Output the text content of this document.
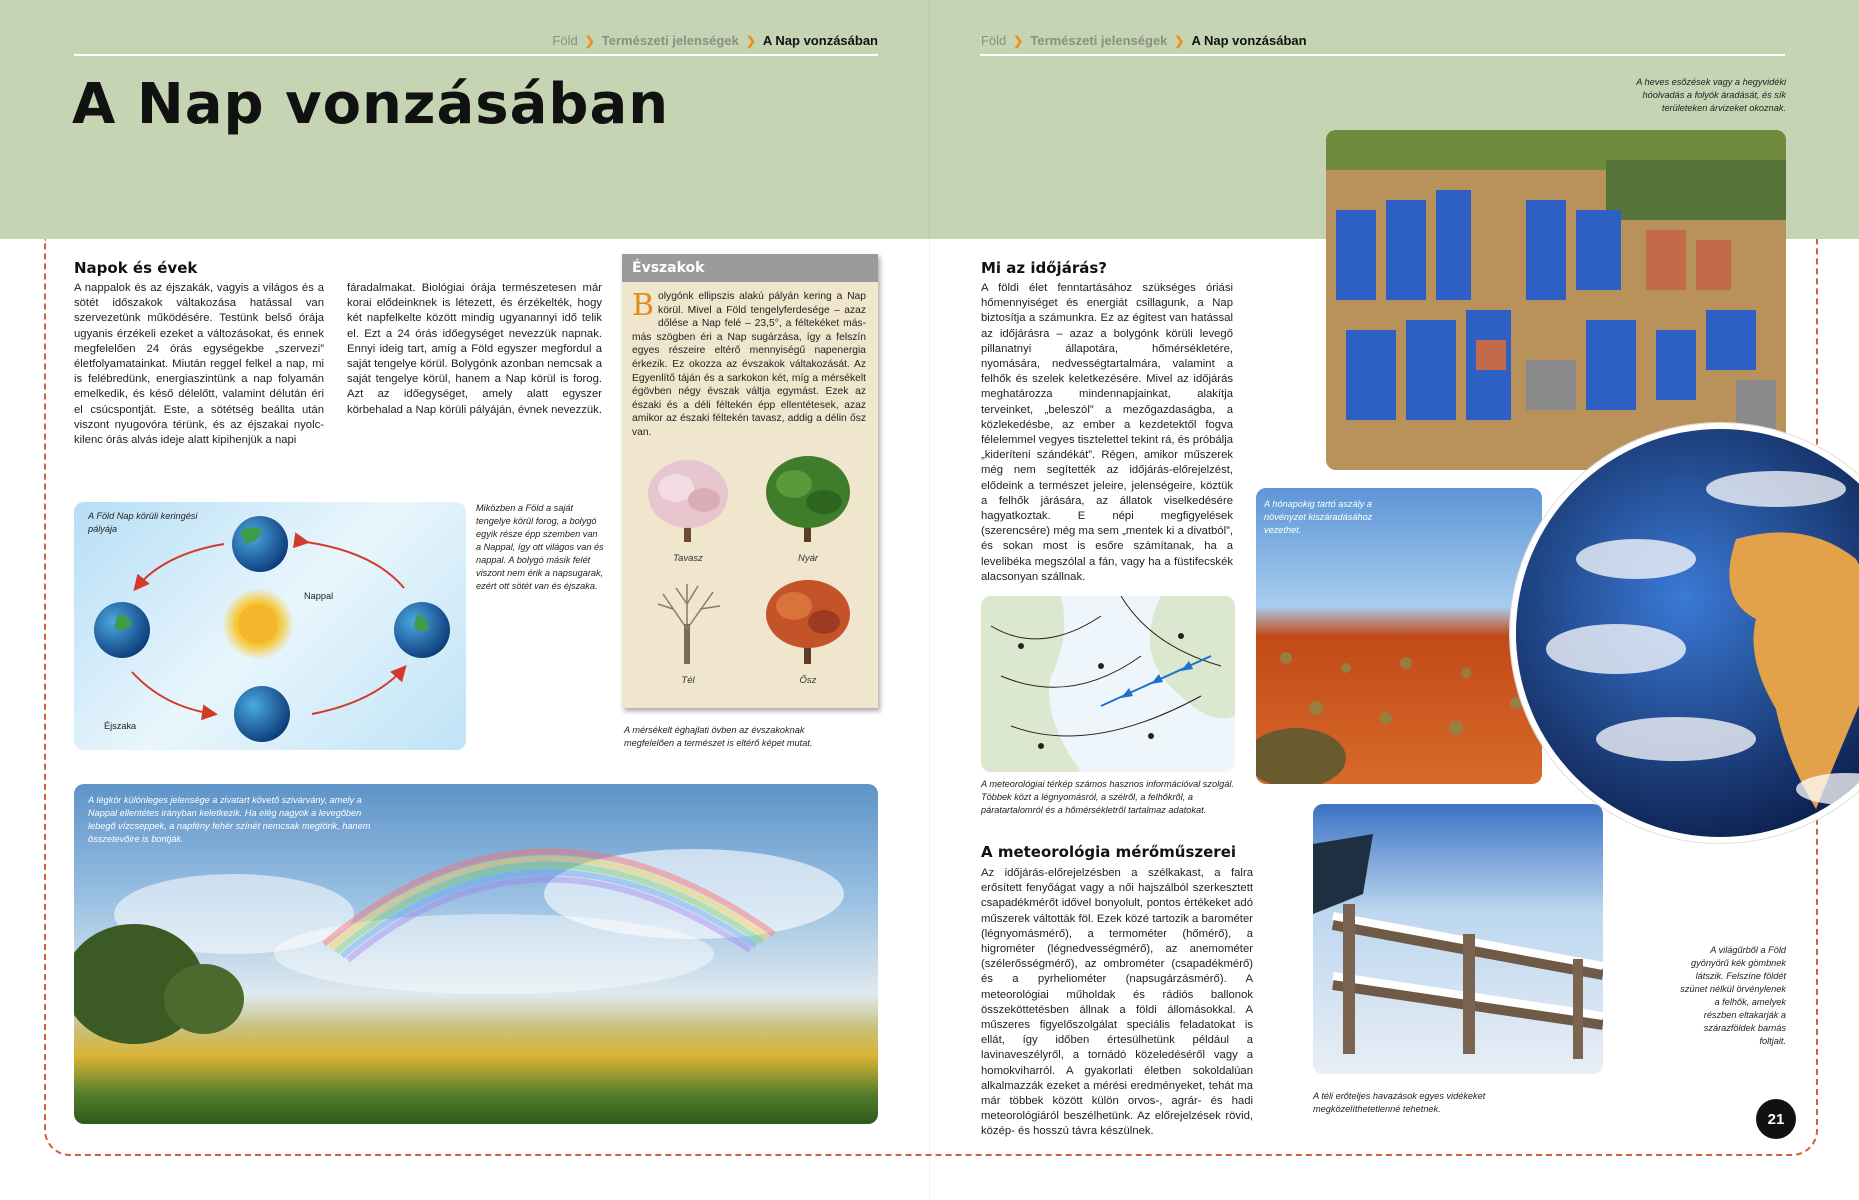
Föld ❯ Természeti jelenségek ❯ A Nap vonzásában
A Nap vonzásában
Föld ❯ Természeti jelenségek ❯ A Nap vonzásában
Napok és évek

A nappalok és az éjszakák, vagyis a világos és a sötét időszakok váltakozása hatással van szervezetünk működésére. Testünk belső órája ugyanis érzékeli ezeket a változásokat, és ennek megfelelően 24 órás egységekbe „szervezi” életfolyamatainkat. Miután reggel felkel a nap, mi is felébredünk, energiaszintünk a nap folyamán emelkedik, és késő délelőtt, valamint délután éri el csúcspontját. Este, a sötétség beállta után viszont nyugovóra térünk, és az éjszakai nyolc-kilenc órás alvás ideje alatt kipihenjük a napi

fáradalmakat. Biológiai órája természetesen már korai elődeinknek is létezett, és érzékelték, hogy két napfelkelte között mindig ugyanannyi idő telik el. Ezt a 24 órás időegységet nevezzük napnak. Ennyi ideig tart, amíg a Föld egyszer megfordul a saját tengelye körül. Bolygónk azonban nemcsak a saját tengelye körül, hanem a Nap körül is forog. Azt az időegységet, amely alatt egyszer körbehalad a Nap körüli pályáján, évnek nevezzük.

A Föld Nap körüli keringési pályája
Nappal
Éjszaka

Miközben a Föld a saját tengelye körül forog, a bolygó egyik része épp szemben van a Nappal, így ott világos van és nappal. A bolygó másik felét viszont nem érik a napsugarak, ezért ott sötét van és éjszaka.

Évszakok
Bolygónk ellipszis alakú pályán kering a Nap körül. Mivel a Föld tengelyferdesége – azaz dőlése a Nap felé – 23,5°, a féltekéket más-más szögben éri a Nap sugárzása, így a felszín egyes részeire eltérő mennyiségű napenergia érkezik. Ez okozza az évszakok váltakozását. Az Egyenlítő táján és a sarkokon két, míg a mérsékelt égövben négy évszak váltja egymást. Ezek az északi és a déli féltekén épp ellentétesek, azaz amikor az északi féltekén tavasz, addig a délin ősz van.
Tavasz	Nyár
Tél	Ősz

A mérsékelt éghajlati övben az évszakoknak megfelelően a természet is eltérő képet mutat.

A légkör különleges jelensége a zivatart követő szivárvány, amely a Nappal ellentétes irányban keletkezik. Ha elég nagyok a levegőben lebegő vízcseppek, a napfény fehér színét nemcsak megtörik, hanem összetevőire is bontják.

Mi az időjárás?

A földi élet fenntartásához szükséges óriási hőmennyiséget és energiát csillagunk, a Nap biztosítja a számunkra. Ez az égitest van hatással az időjárásra – azaz a bolygónk körüli levegő pillanatnyi állapotára, hőmérsékletére, nyomására, nedvességtartalmára, valamint a felhők és szelek keletkezésére. Mivel az időjárás meghatározza mindennapjainkat, alakítja terveinket, „beleszól” a mezőgazdaságba, a közlekedésbe, az ember a kezdetektől fogva félelemmel vegyes tisztelettel tekint rá, és próbálja „kideríteni szándékát”. Régen, amikor műszerek még nem segítették az időjárás-előrejelzést, elődeink a természet jeleire, jelenségeire, köztük a felhők járására, az állatok viselkedésére hagyatkoztak. E népi megfigyelések (szerencsére) még ma sem „mentek ki a divatból”, és sokan most is esőre számítanak, ha a levelibéka megszólal a fán, vagy ha a füstifecskék alacsonyan szállnak.

A heves esőzések vagy a hegyvidéki hóolvadás a folyók áradását, és sík területeken árvizeket okoznak.

A hónapokig tartó aszály a növényzet kiszáradásához vezethet.

A meteorológiai térkép számos hasznos információval szolgál. Többek közt a légnyomásról, a szélről, a felhőkről, a páratartalomról és a hőmérsékletről tartalmaz adatokat.

A meteorológia mérőműszerei

Az időjárás-előrejelzésben a szélkakast, a falra erősített fenyőágat vagy a női hajszálból szerkesztett csapadékmérőt idővel bonyolult, pontos értékeket adó műszerek váltották föl. Ezek közé tartozik a barométer (légnyomásmérő), a termométer (hőmérő), a higrométer (légnedvességmérő), az anemométer (szélerősségmérő), az ombrométer (csapadékmérő) és a pyrheliométer (napsugárzásmérő). A meteorológiai műholdak és rádiós ballonok összeköttetésben állnak a földi állomásokkal. A műszeres figyelőszolgálat speciális feladatokat is ellát, így időben értesülhetünk például a lavinaveszélyről, a tornádó közeledéséről vagy a homokviharról. A gyakorlati életben sokoldalúan alkalmazzák ezeket a mérési eredményeket, tehát ma már többek között külön orvos-, agrár- és hadi meteorológiáról beszélhetünk. Az előrejelzések rövid, közép- és hosszú távra készülnek.

A téli erőteljes havazások egyes vidékeket megközelíthetetlenné tehetnek.

A világűrből a Föld gyönyörű kék gömbnek látszik. Felszíne földét szünet nélkül örvénylenek a felhők, amelyek részben eltakarják a szárazföldek barnás foltjait.

21
